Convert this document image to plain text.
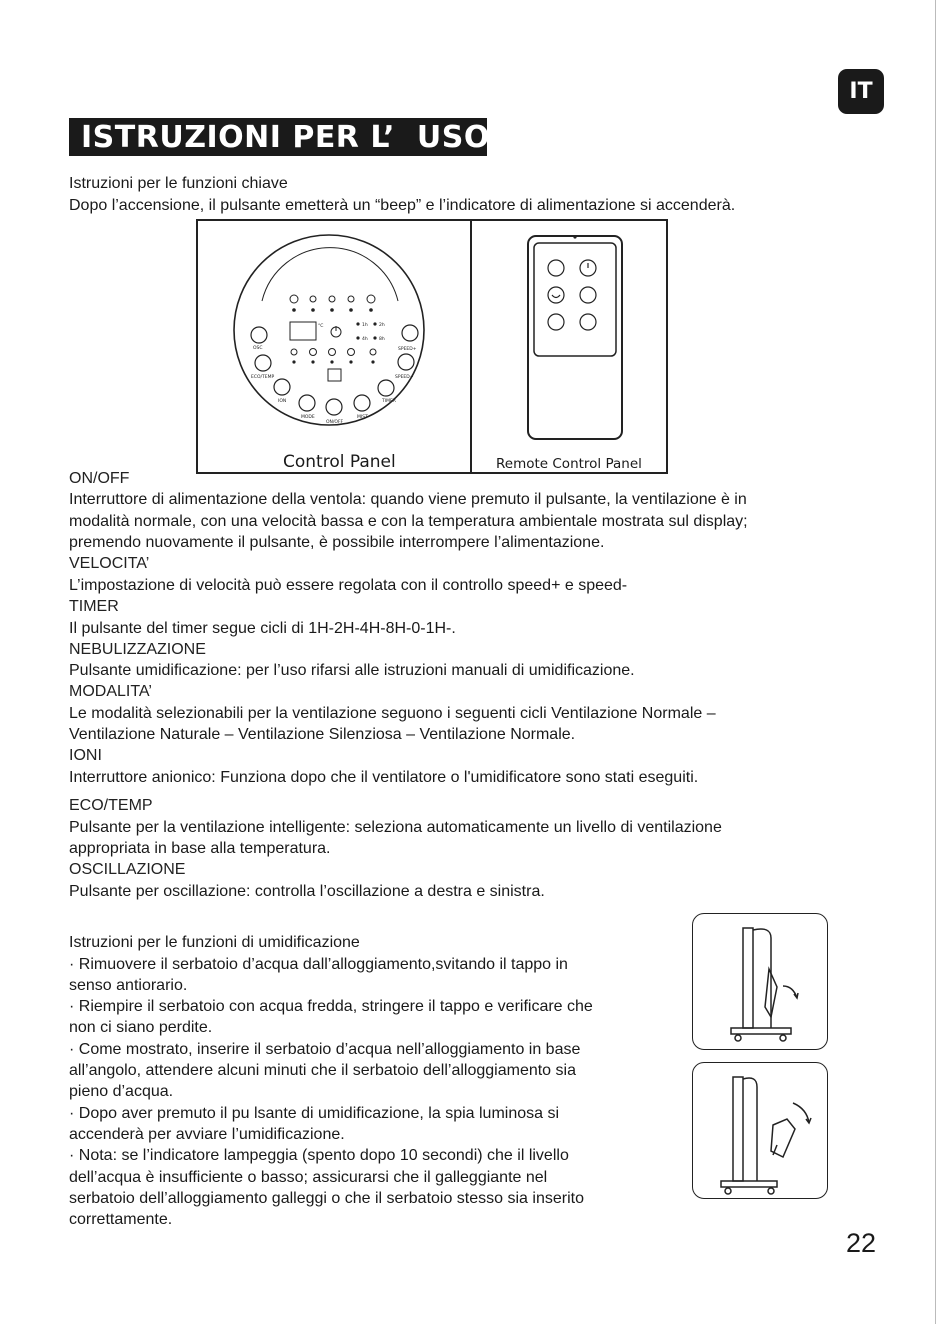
IT
ISTRUZIONI PER L’  USO
Istruzioni per le funzioni chiave
Dopo l’accensione, il pulsante emetterà un “beep” e l’indicatore di alimentazione si accenderà.
°C	1h	2h
4h	8h
OSC	SPEED+
ECO/TEMP	SPEED−
ION	TIMER
MODE
ON/OFF
MIST
Control Panel	Remote Control Panel
ON/OFF
Interruttore di alimentazione della ventola: quando viene premuto il pulsante, la ventilazione è in
modalità normale, con una velocità bassa e con la temperatura ambientale mostrata sul display;
premendo nuovamente il pulsante, è possibile interrompere l’alimentazione.
VELOCITA’
L’impostazione di velocità può essere regolata con il controllo speed+ e speed-
TIMER
Il pulsante del timer segue cicli di 1H-2H-4H-8H-0-1H-.
NEBULIZZAZIONE
Pulsante umidificazione: per l’uso rifarsi alle istruzioni manuali di umidificazione.
MODALITA’
Le modalità selezionabili per la ventilazione seguono i seguenti cicli Ventilazione Normale –
Ventilazione Naturale – Ventilazione Silenziosa – Ventilazione Normale.
IONI
Interruttore anionico: Funziona dopo che il ventilatore o l'umidificatore sono stati eseguiti.
ECO/TEMP
Pulsante per la ventilazione intelligente: seleziona automaticamente un livello di ventilazione
appropriata in base alla temperatura.
OSCILLAZIONE
Pulsante per oscillazione: controlla l’oscillazione a destra e sinistra.
Istruzioni per le funzioni di umidificazione
· Rimuovere il serbatoio d’acqua dall’alloggiamento,svitando il tappo in
senso antiorario.
· Riempire il serbatoio con acqua fredda, stringere il tappo e verificare che
non ci siano perdite.
· Come mostrato, inserire il serbatoio d’acqua nell’alloggiamento in base
all’angolo, attendere alcuni minuti che il serbatoio dell’alloggiamento sia
pieno d’acqua.
· Dopo aver premuto il pu lsante di umidificazione, la spia luminosa si
accenderà per avviare l’umidificazione.
· Nota: se l’indicatore lampeggia (spento dopo 10 secondi) che il livello
dell’acqua è insufficiente o basso; assicurarsi che il galleggiante nel
serbatoio dell’alloggiamento galleggi o che il serbatoio stesso sia inserito
correttamente.
22
